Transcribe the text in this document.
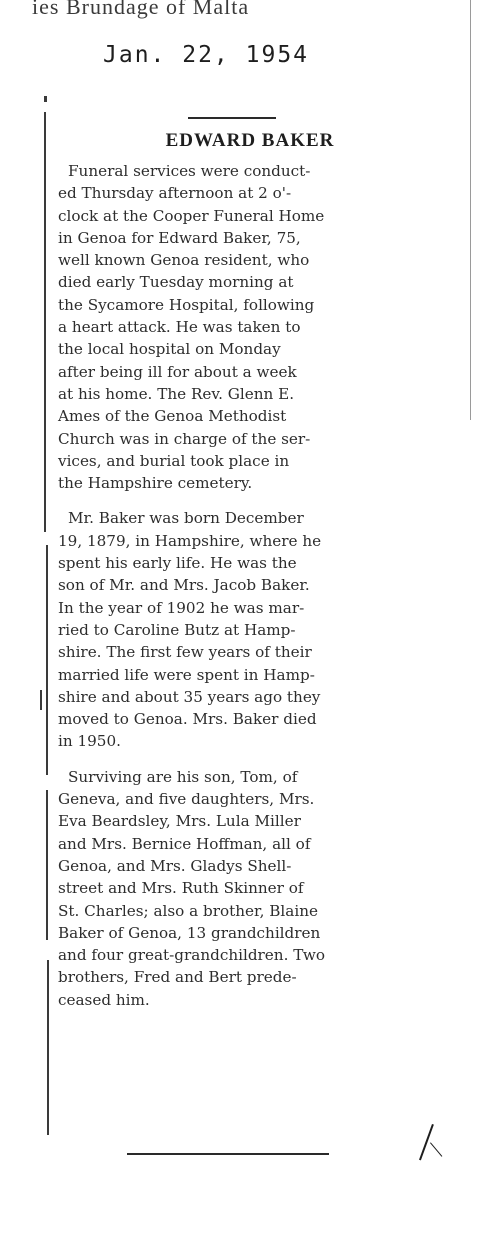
ies Brundage of Malta
Jan. 22, 1954
EDWARD BAKER

Funeral services were conduct-
ed Thursday afternoon at 2 o'-
clock at the Cooper Funeral Home
in Genoa for Edward Baker, 75,
well known Genoa resident, who
died early Tuesday morning at
the Sycamore Hospital, following
a heart attack. He was taken to
the local hospital on Monday
after being ill for about a week
at his home. The Rev. Glenn E.
Ames of the Genoa Methodist
Church was in charge of the ser-
vices, and burial took place in
the Hampshire cemetery.

Mr. Baker was born December
19, 1879, in Hampshire, where he
spent his early life. He was the
son of Mr. and Mrs. Jacob Baker.
In the year of 1902 he was mar-
ried to Caroline Butz at Hamp-
shire. The first few years of their
married life were spent in Hamp-
shire and about 35 years ago they
moved to Genoa. Mrs. Baker died
in 1950.

Surviving are his son, Tom, of
Geneva, and five daughters, Mrs.
Eva Beardsley, Mrs. Lula Miller
and Mrs. Bernice Hoffman, all of
Genoa, and Mrs. Gladys Shell-
street and Mrs. Ruth Skinner of
St. Charles; also a brother, Blaine
Baker of Genoa, 13 grandchildren
and four great-grandchildren. Two
brothers, Fred and Bert prede-
ceased him.
